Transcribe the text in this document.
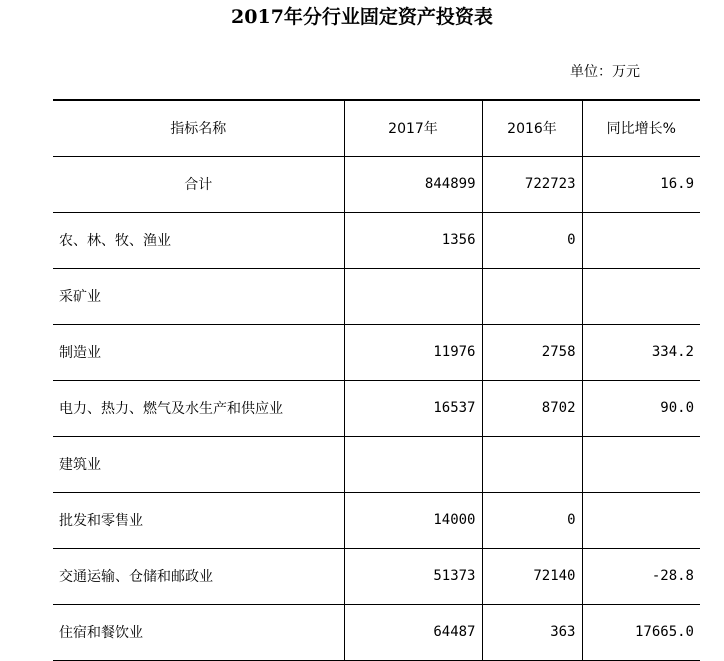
2017年分行业固定资产投资表
单位：万元
指标名称	2017年	2016年	同比增长%
合计	844899	722723	16.9
农、林、牧、渔业	1356	0	
采矿业			
制造业	11976	2758	334.2
电力、热力、燃气及水生产和供应业	16537	8702	90.0
建筑业			
批发和零售业	14000	0	
交通运输、仓储和邮政业	51373	72140	-28.8
住宿和餐饮业	64487	363	17665.0
